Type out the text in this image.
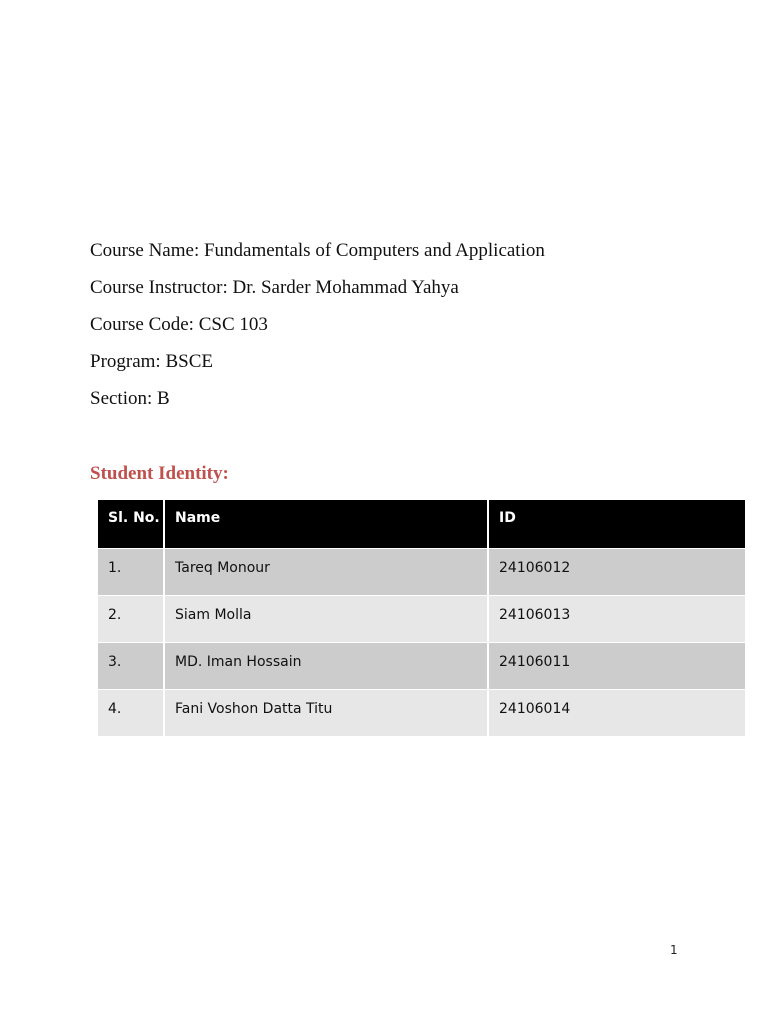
Course Name: Fundamentals of Computers and Application
Course Instructor: Dr. Sarder Mohammad Yahya
Course Code: CSC 103
Program: BSCE
Section: B
Student Identity:
Sl. No.	Name	ID
1.	Tareq Monour	24106012
2.	Siam Molla	24106013
3.	MD. Iman Hossain	24106011
4.	Fani Voshon Datta Titu	24106014
1
